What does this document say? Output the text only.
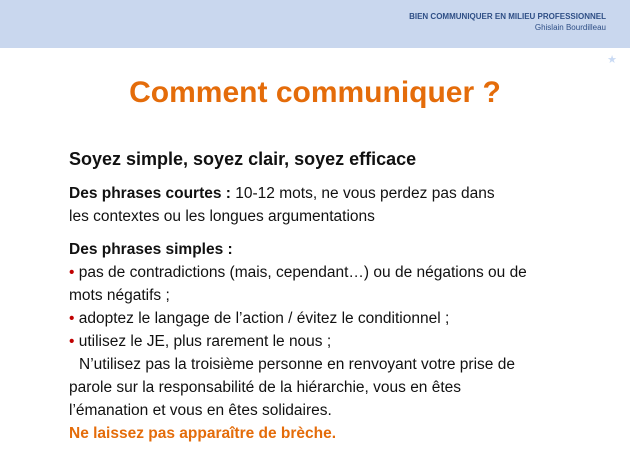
BIEN COMMUNIQUER EN MILIEU PROFESSIONNEL
Ghislain Bourdilleau
★
Comment communiquer ?
Soyez simple, soyez clair, soyez efficace
Des phrases courtes : 10-12 mots, ne vous perdez pas dans
les contextes ou les longues argumentations
Des phrases simples :
• pas de contradictions (mais, cependant…) ou de négations ou de
mots négatifs ;
• adoptez le langage de l’action / évitez le conditionnel ;
• utilisez le JE, plus rarement le nous ;
N’utilisez pas la troisième personne en renvoyant votre prise de
parole sur la responsabilité de la hiérarchie, vous en êtes
l’émanation et vous en êtes solidaires.
Ne laissez pas apparaître de brèche.
